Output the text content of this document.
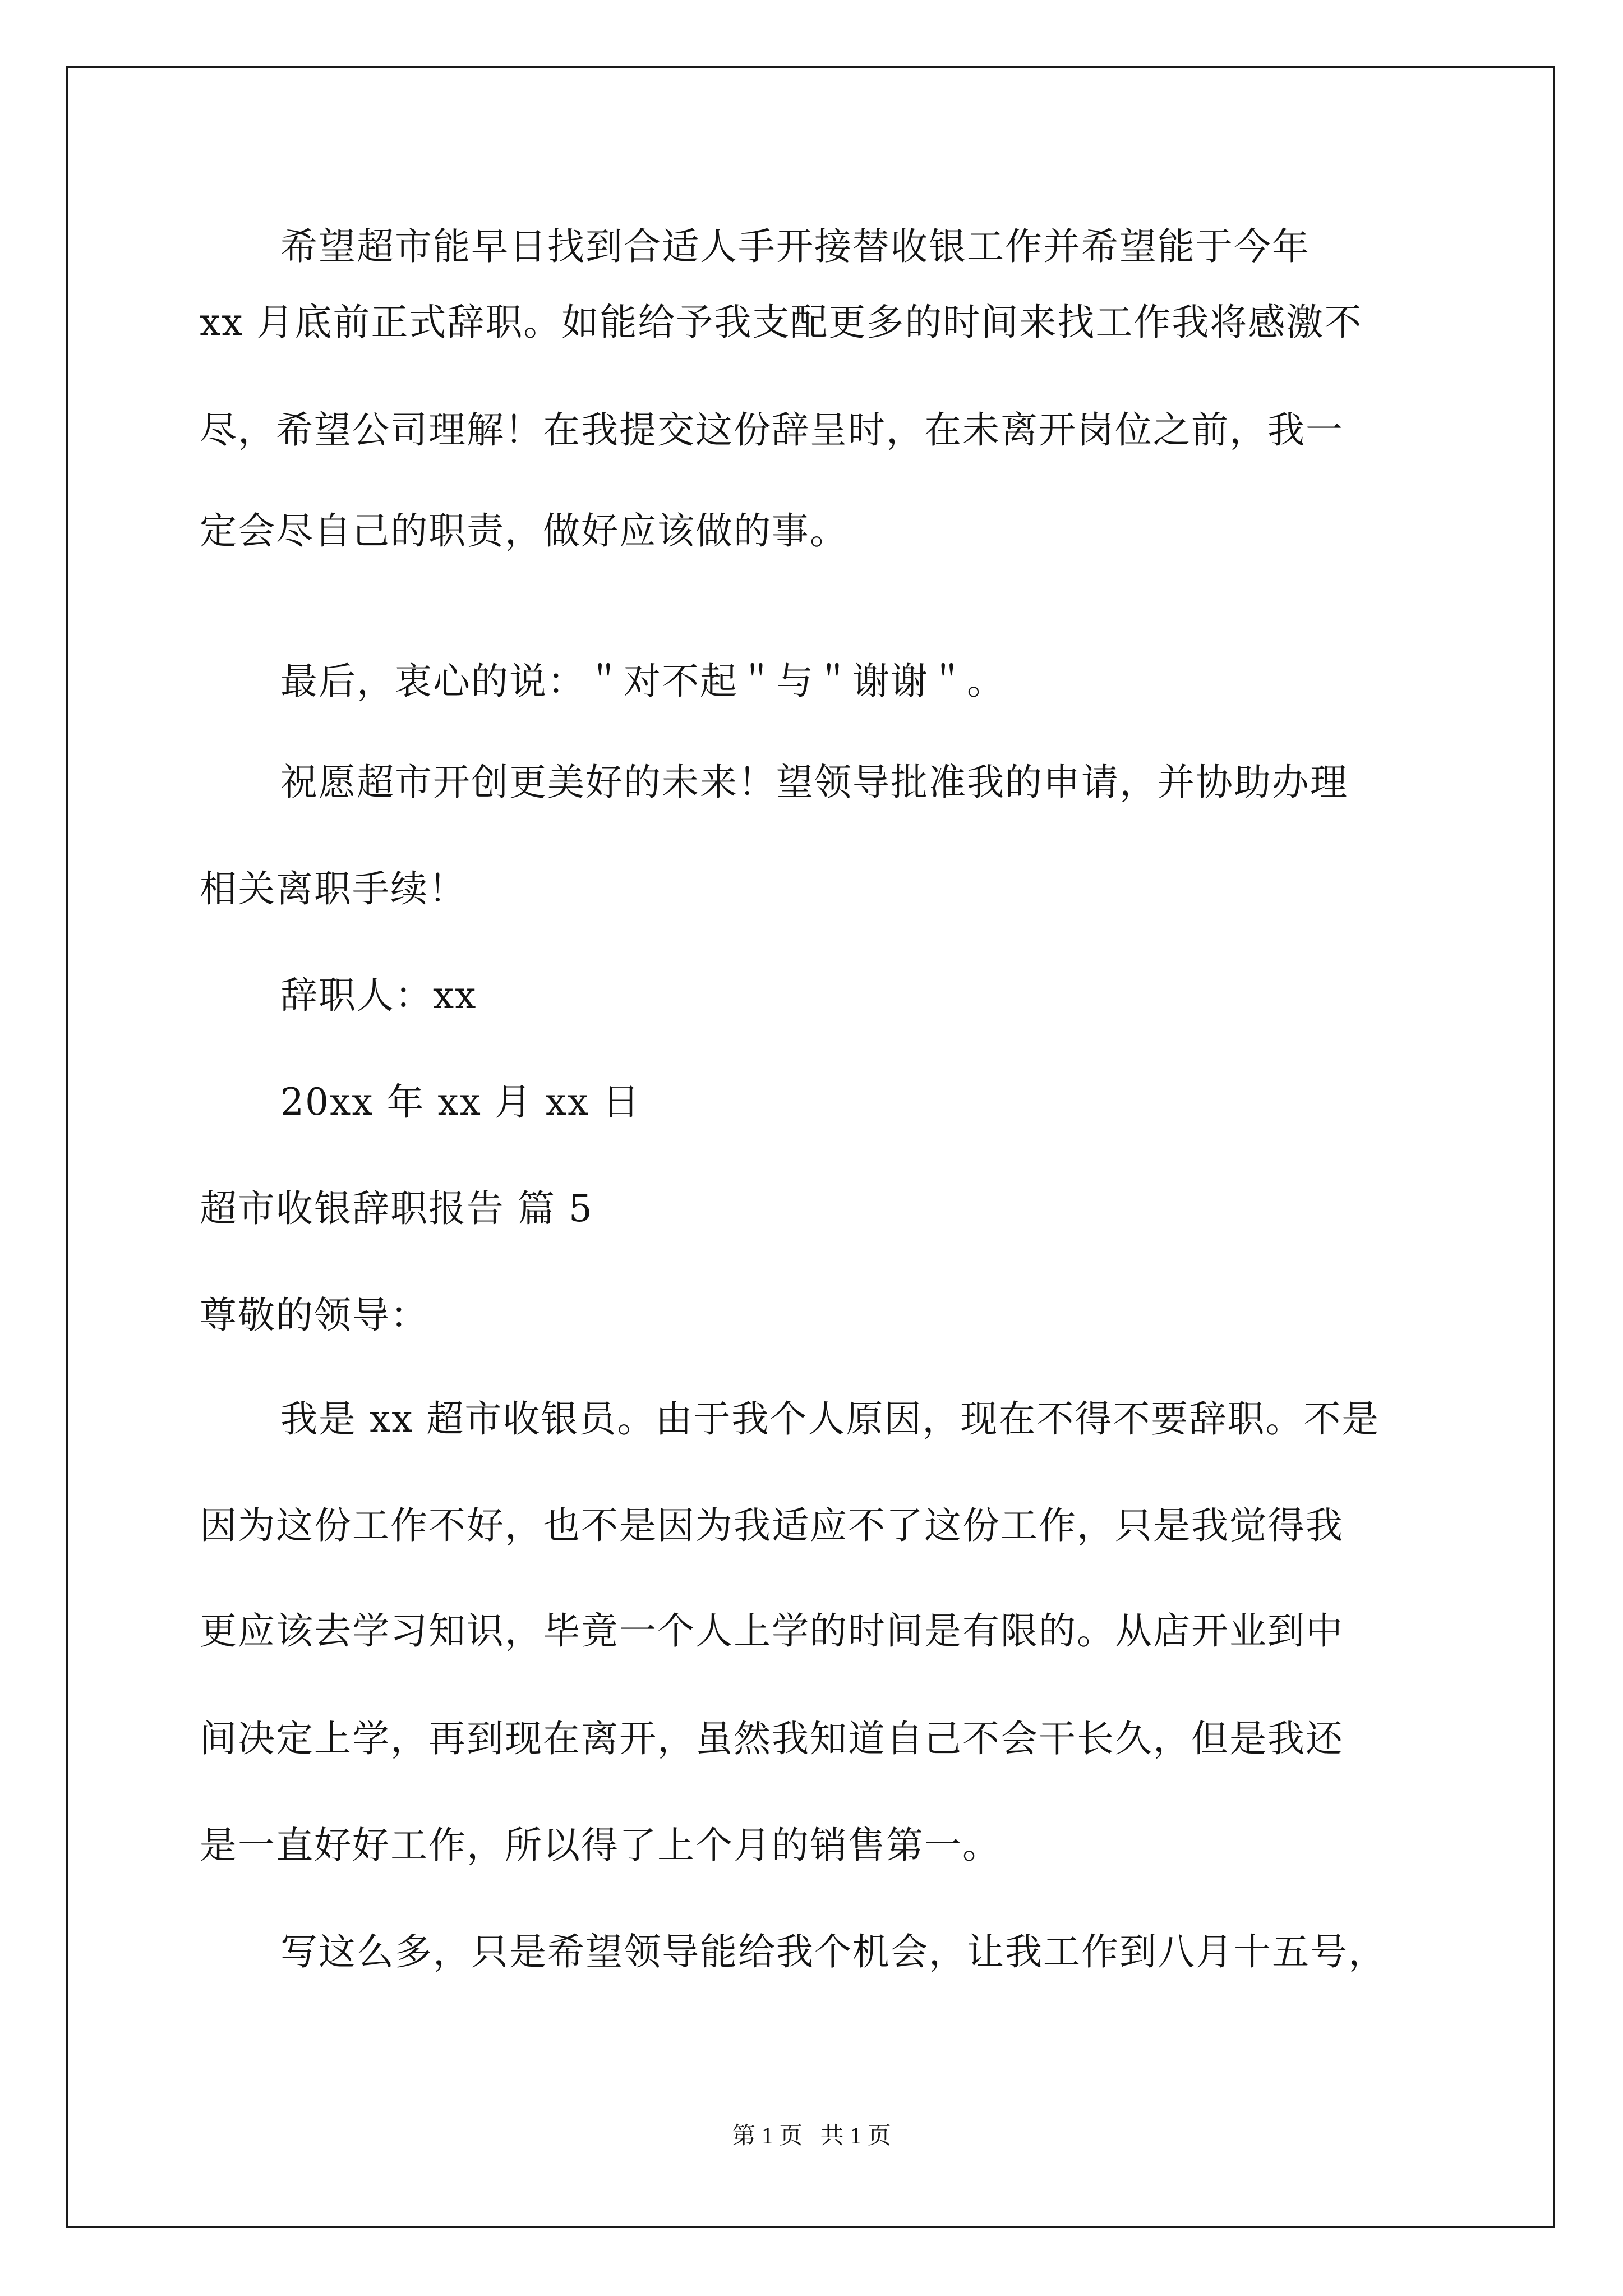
希望超市能早日找到合适人手开接替收银工作并希望能于今年
xx 月底前正式辞职。如能给予我支配更多的时间来找工作我将感激不
尽，希望公司理解！在我提交这份辞呈时，在未离开岗位之前，我一
定会尽自己的职责，做好应该做的事。
最后，衷心的说：＂对不起＂与＂谢谢＂。
祝愿超市开创更美好的未来！望领导批准我的申请，并协助办理
相关离职手续！
辞职人：xx
20xx 年 xx 月 xx 日
超市收银辞职报告 篇 5
尊敬的领导：
我是 xx 超市收银员。由于我个人原因，现在不得不要辞职。不是
因为这份工作不好，也不是因为我适应不了这份工作，只是我觉得我
更应该去学习知识，毕竟一个人上学的时间是有限的。从店开业到中
间决定上学，再到现在离开，虽然我知道自己不会干长久，但是我还
是一直好好工作，所以得了上个月的销售第一。
写这么多，只是希望领导能给我个机会，让我工作到八月十五号，
第 1 页   共 1 页
